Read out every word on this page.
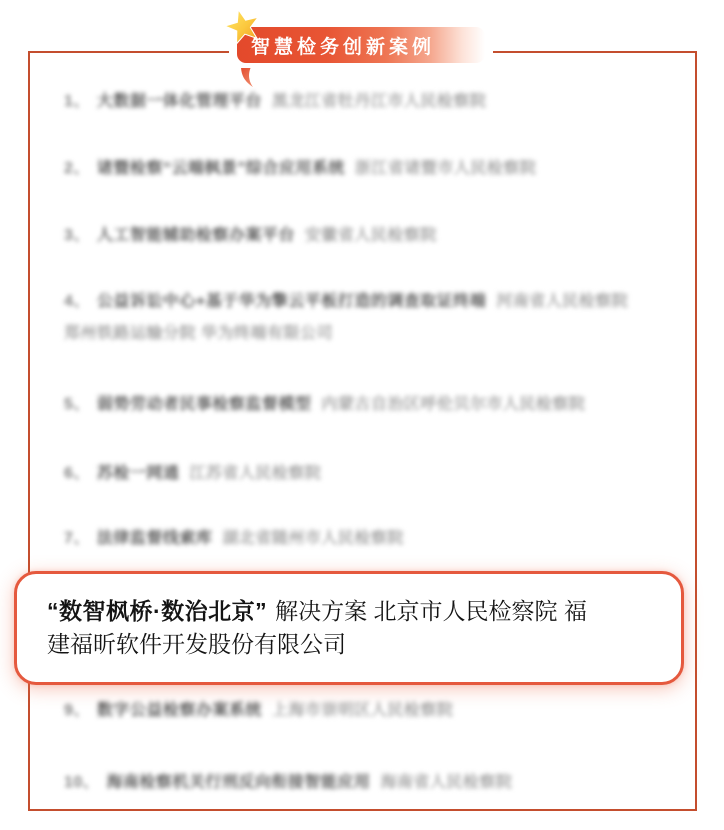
1、 大数据一体化管理平台 黑龙江省牡丹江市人民检察院
2、 诸暨检察“云端枫景”综合应用系统 浙江省诸暨市人民检察院
3、 人工智能辅助检察办案平台 安徽省人民检察院
4、 公益诉讼中心+基于华为擎云平板打造的调查取证终端 河南省人民检察院郑州铁路运输分院 华为终端有限公司
5、 弱势劳动者民事检察监督模型 内蒙古自治区呼伦贝尔市人民检察院
6、 苏检一网通 江苏省人民检察院
7、 法律监督线索库 湖北省随州市人民检察院
9、 数字公益检察办案系统 上海市崇明区人民检察院
10、 海南检察机关行刑反向衔接智能应用 海南省人民检察院
智慧检务创新案例
“数智枫桥·数治北京” 解决方案 北京市人民检察院 福
建福昕软件开发股份有限公司
